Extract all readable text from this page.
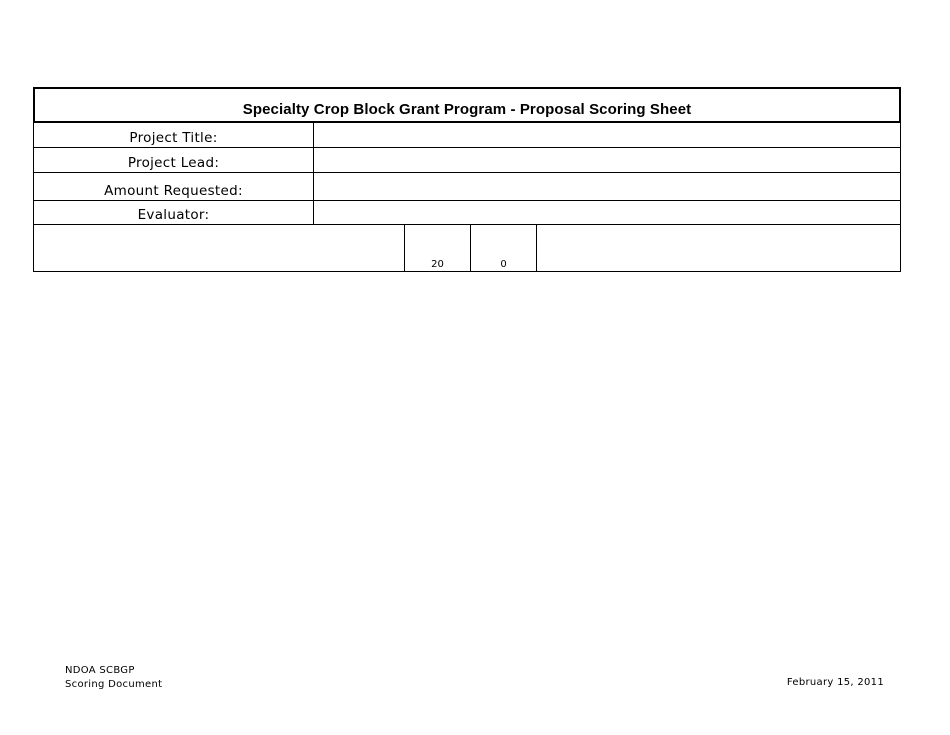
Specialty Crop Block Grant Program - Proposal Scoring Sheet
Project Title:
Project Lead:
Amount Requested:
Evaluator:
20	0
NDOA SCBGP
Scoring Document	February 15, 2011
